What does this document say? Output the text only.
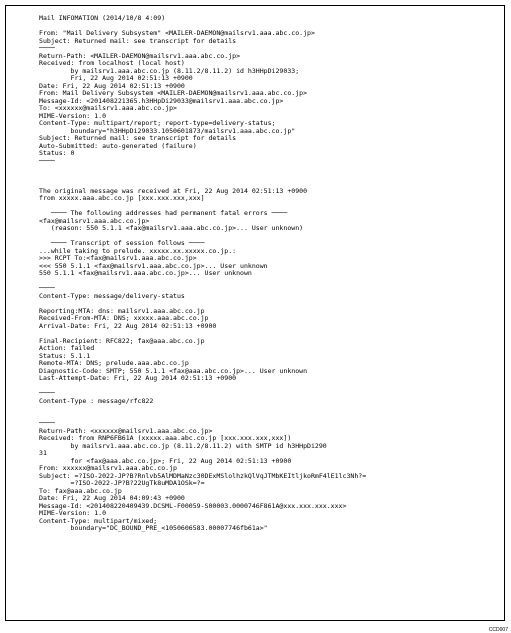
Mail INFOMATION (2014/10/8 4:09)
From: "Mail Delivery Subsystem" <MAILER-DAEMON@mailsrv1.aaa.abc.co.jp>
Subject: Returned mail: see transcript for details
────
Return-Path: <MAILER-DAEMON@mailsrv1.aaa.abc.co.jp>
Received: from localhost (local host)
by mailsrv1.aaa.abc.co.jp (8.11.2/8.11.2) id h3HHpDi29033;
Fri, 22 Aug 2014 02:51:13 +0900
Date: Fri, 22 Aug 2014 02:51:13 +0900
From: Mail Delivery Subsystem <MAILER-DAEMON@mailsrv1.aaa.abc.co.jp>
Message-Id: <201408221365.h3HHpDi29033@mailsrv1.aaa.abc.co.jp>
To: <xxxxxx@mailsrv1.aaa.abc.co.jp>
MIME-Version: 1.0
Content-Type: multipart/report; report-type=delivery-status;
boundary="h3HHpDi29033.1050601873/mailsrv1.aaa.abc.co.jp"
Subject: Returned mail: see transcript for details
Auto-Submitted: auto-generated (failure)
Status: 0
────
The original message was received at Fri, 22 Aug 2014 02:51:13 +0900
from xxxxx.aaa.abc.co.jp [xxx.xxx.xxx,xxx]
──── The following addresses had permanent fatal errors ────
<fax@mailsrv1.aaa.abc.co.jp>
(reason: 550 5.1.1 <fax@mailsrv1.aaa.abc.co.jp>... User unknown)
──── Transcript of session follows ────
...while taking to prelude. xxxxx.xx.xxxxx.co.jp.:
>>> RCPT To:<fax@mailsrv1.aaa.abc.co.jp>
<<< 550 5.1.1 <fax@mailsrv1.aaa.abc.co.jp>... User unknown
550 5.1.1 <fax@mailsrv1.aaa.abc.co.jp>... User unknown
────
Content-Type: message/delivery-status
Reporting:MTA: dns: mailsrv1.aaa.abc.co.jp
Received-From-MTA: DNS; xxxxx.aaa.abc.co.jp
Arrival-Date: Fri, 22 Aug 2014 02:51:13 +0900
Final-Recipient: RFC822; fax@aaa.abc.co.jp
Action: failed
Status: 5.1.1
Remote-MTA: DNS; prelude.aaa.abc.co.jp
Diagnostic-Code: SMTP; 550 5.1.1 <fax@aaa.abc.co.jp>... User unknown
Last-Attempt-Date: Fri, 22 Aug 2014 02:51:13 +0900
────
Content-Type : message/rfc822
────
Return-Path: <xxxxxx@mailsrv1.aaa.abc.co.jp>
Received: from RNP6FB61A (xxxxx.aaa.abc.co.jp [xxx.xxx.xxx,xxx])
by mailsrv1.aaa.abc.co.jp (8.11.2/8.11.2) with SMTP id h3HHpDi290
31
for <fax@aaa.abc.co.jp>; Fri, 22 Aug 2014 02:51:13 +0900
From: xxxxxx@mailsrv1.aaa.abc.co.jp
Subject: =?ISO-2022-JP?B?Rnlvb5AlMDMaNzc30DExMSlolhzkQlVqJTMbKEItljkoRmF4lE1lc3Nh?=
=?ISO-2022-JP?B?22UgTk8uMDA1OSk=?=
To: fax@aaa.abc.co.jp
Date: Fri, 22 Aug 2014 04:09:43 +0900
Message-Id: <201408220409439.DCSML-F00059-S00003.0000746F861A@xxx.xxx.xxx.xxx>
MIME-Version: 1.0
Content-Type: multipart/mixed;
boundary="DC_BOUND_PRE_<1050606583.00007746fb61a>"
CCD007
